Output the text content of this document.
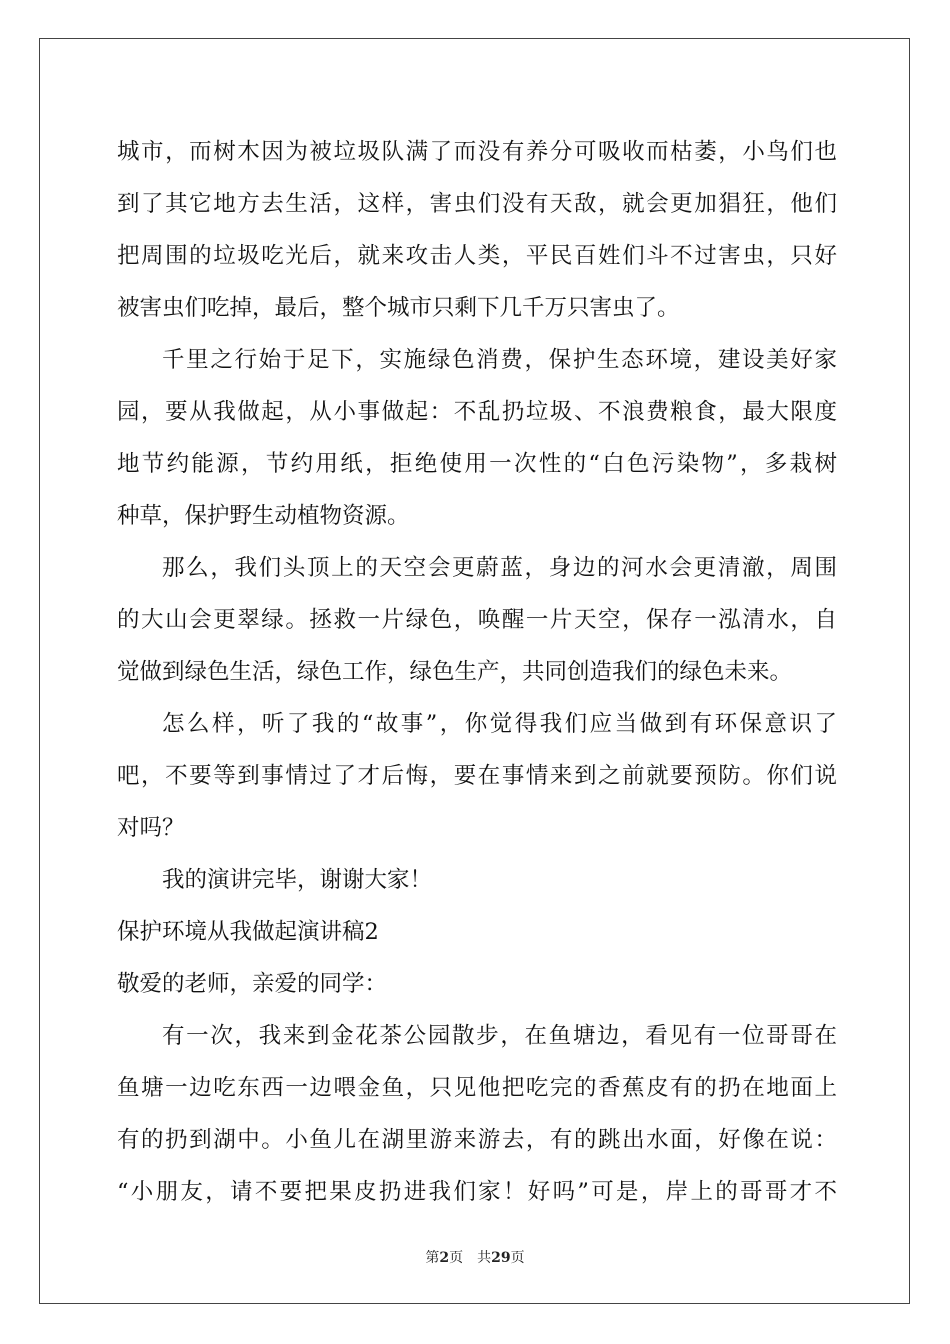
城市，而树木因为被垃圾队满了而没有养分可吸收而枯萎，小鸟们也
到了其它地方去生活，这样，害虫们没有天敌，就会更加猖狂，他们
把周围的垃圾吃光后，就来攻击人类，平民百姓们斗不过害虫，只好
被害虫们吃掉，最后，整个城市只剩下几千万只害虫了。
千里之行始于足下，实施绿色消费，保护生态环境，建设美好家
园，要从我做起，从小事做起：不乱扔垃圾、不浪费粮食，最大限度
地节约能源，节约用纸，拒绝使用一次性的“白色污染物”，多栽树
种草，保护野生动植物资源。
那么，我们头顶上的天空会更蔚蓝，身边的河水会更清澈，周围
的大山会更翠绿。拯救一片绿色，唤醒一片天空，保存一泓清水，自
觉做到绿色生活，绿色工作，绿色生产，共同创造我们的绿色未来。
怎么样，听了我的“故事”，你觉得我们应当做到有环保意识了
吧，不要等到事情过了才后悔，要在事情来到之前就要预防。你们说
对吗？
我的演讲完毕，谢谢大家！
保护环境从我做起演讲稿2
敬爱的老师，亲爱的同学：
有一次，我来到金花茶公园散步，在鱼塘边，看见有一位哥哥在
鱼塘一边吃东西一边喂金鱼，只见他把吃完的香蕉皮有的扔在地面上
有的扔到湖中。小鱼儿在湖里游来游去，有的跳出水面，好像在说：
“小朋友，请不要把果皮扔进我们家！好吗”可是，岸上的哥哥才不
第2页 共29页
